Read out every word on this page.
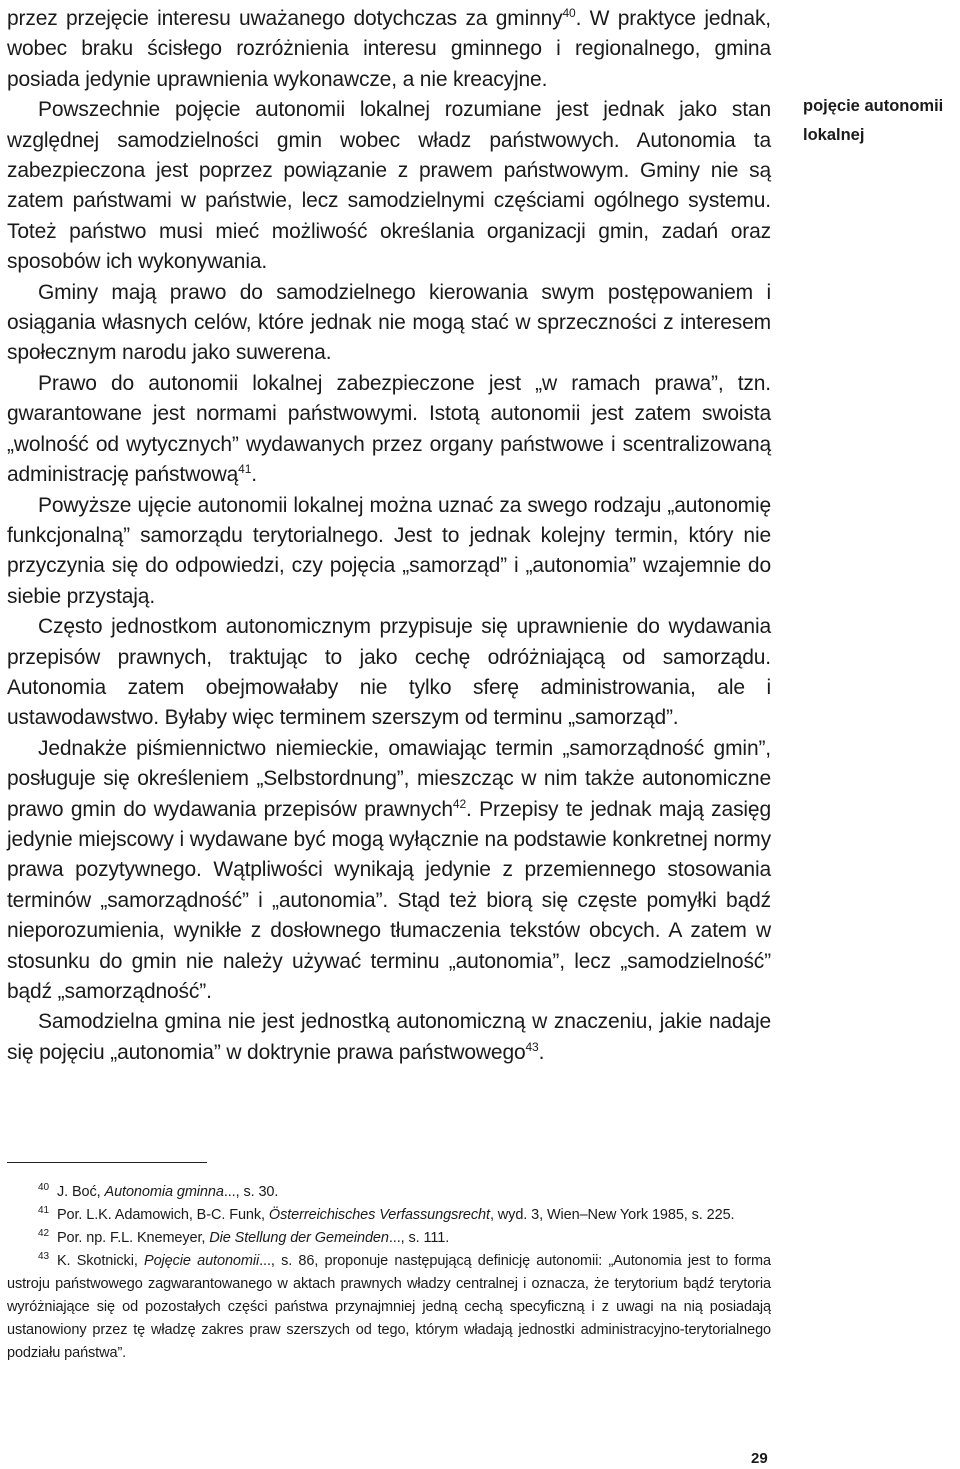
przez przejęcie interesu uważanego dotychczas za gminny$^{40}$. W praktyce jednak, wobec braku ścisłego rozróżnienia interesu gminnego i regionalnego, gmina posiada jedynie uprawnienia wykonawcze, a nie kreacyjne.

Powszechnie pojęcie autonomii lokalnej rozumiane jest jednak jako stan względnej samodzielności gmin wobec władz państwowych. Autonomia ta zabezpieczona jest poprzez powiązanie z prawem państwowym. Gminy nie są zatem państwami w państwie, lecz samodzielnymi częściami ogólnego systemu. Toteż państwo musi mieć możliwość określania organizacji gmin, zadań oraz sposobów ich wykonywania.

Gminy mają prawo do samodzielnego kierowania swym postępowaniem i osiągania własnych celów, które jednak nie mogą stać w sprzeczności z interesem społecznym narodu jako suwerena.

Prawo do autonomii lokalnej zabezpieczone jest „w ramach prawa”, tzn. gwarantowane jest normami państwowymi. Istotą autonomii jest zatem swoista „wolność od wytycznych” wydawanych przez organy państwowe i scentralizowaną administrację państwową$^{41}$.

Powyższe ujęcie autonomii lokalnej można uznać za swego rodzaju „autonomię funkcjonalną” samorządu terytorialnego. Jest to jednak kolejny termin, który nie przyczynia się do odpowiedzi, czy pojęcia „samorząd” i „autonomia” wzajemnie do siebie przystają.

Często jednostkom autonomicznym przypisuje się uprawnienie do wydawania przepisów prawnych, traktując to jako cechę odróżniającą od samorządu. Autonomia zatem obejmowałaby nie tylko sferę administrowania, ale i ustawodawstwo. Byłaby więc terminem szerszym od terminu „samorząd”.

Jednakże piśmiennictwo niemieckie, omawiając termin „samorządność gmin”, posługuje się określeniem „Selbstordnung”, mieszcząc w nim także autonomiczne prawo gmin do wydawania przepisów prawnych$^{42}$. Przepisy te jednak mają zasięg jedynie miejscowy i wydawane być mogą wyłącznie na podstawie konkretnej normy prawa pozytywnego. Wątpliwości wynikają jedynie z przemiennego stosowania terminów „samorządność” i „autonomia”. Stąd też biorą się częste pomyłki bądź nieporozumienia, wynikłe z dosłownego tłumaczenia tekstów obcych. A zatem w stosunku do gmin nie należy używać terminu „autonomia”, lecz „samodzielność” bądź „samorządność”.

Samodzielna gmina nie jest jednostką autonomiczną w znaczeniu, jakie nadaje się pojęciu „autonomia” w doktrynie prawa państwowego$^{43}$.

pojęcie autonomii
lokalnej

$^{40}$ J. Boć, Autonomia gminna..., s. 30.

$^{41}$ Por. L.K. Adamowich, B-C. Funk, Österreichisches Verfassungsrecht, wyd. 3, Wien–New York 1985, s. 225.

$^{42}$ Por. np. F.L. Knemeyer, Die Stellung der Gemeinden..., s. 111.

$^{43}$ K. Skotnicki, Pojęcie autonomii..., s. 86, proponuje następującą definicję autonomii: „Autonomia jest to forma ustroju państwowego zagwarantowanego w aktach prawnych władzy centralnej i oznacza, że terytorium bądź terytoria wyróżniające się od pozostałych części państwa przynajmniej jedną cechą specyficzną i z uwagi na nią posiadają ustanowiony przez tę władzę zakres praw szerszych od tego, którym władają jednostki administracyjno-terytorialnego podziału państwa”.

29
